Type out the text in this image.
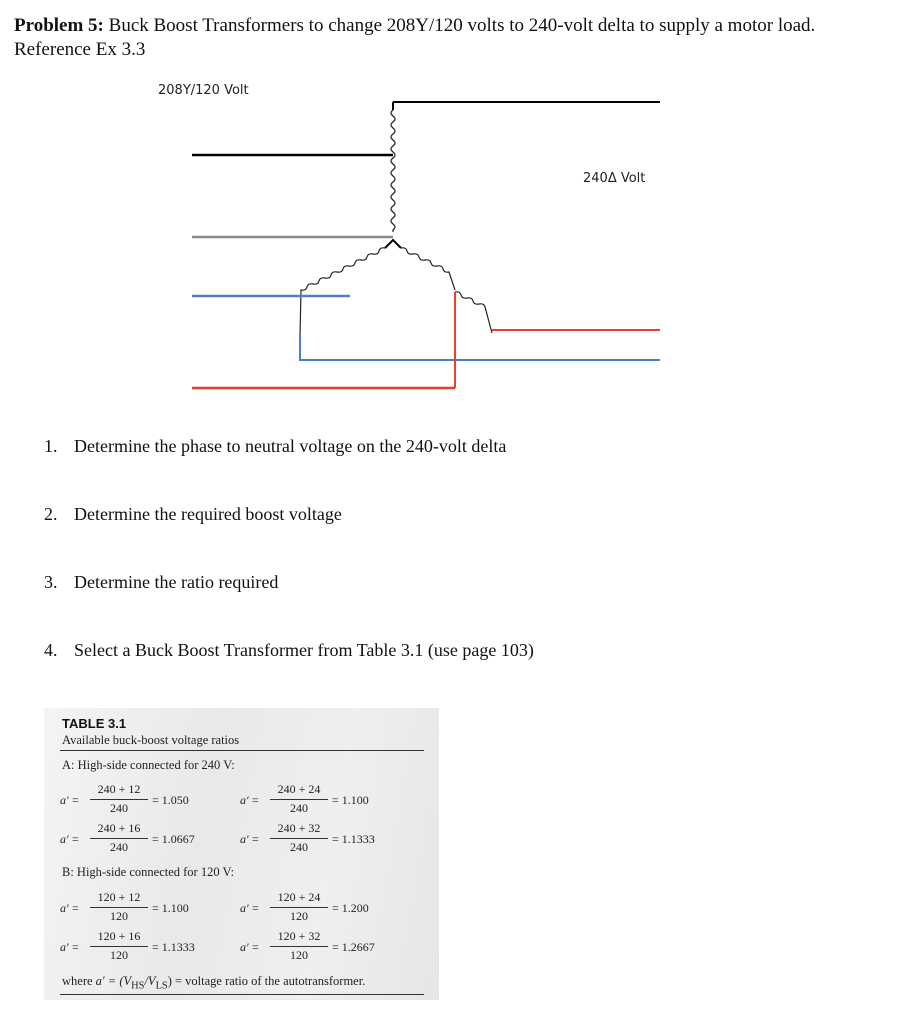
Problem 5: Buck Boost Transformers to change 208Y/120 volts to 240-volt delta to supply a motor load.
Reference Ex 3.3
208Y/120 Volt
240Δ Volt
1. Determine the phase to neutral voltage on the 240-volt delta
2. Determine the required boost voltage
3. Determine the ratio required
4. Select a Buck Boost Transformer from Table 3.1 (use page 103)
TABLE 3.1
Available buck-boost voltage ratios
A: High-side connected for 240 V:
a′ =
240 + 12
240
= 1.050	a′ =
240 + 24
240
= 1.100
a′ =
240 + 16
240
= 1.0667	a′ =
240 + 32
240
= 1.1333
B: High-side connected for 120 V:
a′ =
120 + 12
120
= 1.100	a′ =
120 + 24
120
= 1.200
a′ =
120 + 16
120
= 1.1333	a′ =
120 + 32
120
= 1.2667
where $a' = (V_{HS}/V_{LS})$ = voltage ratio of the autotransformer.
